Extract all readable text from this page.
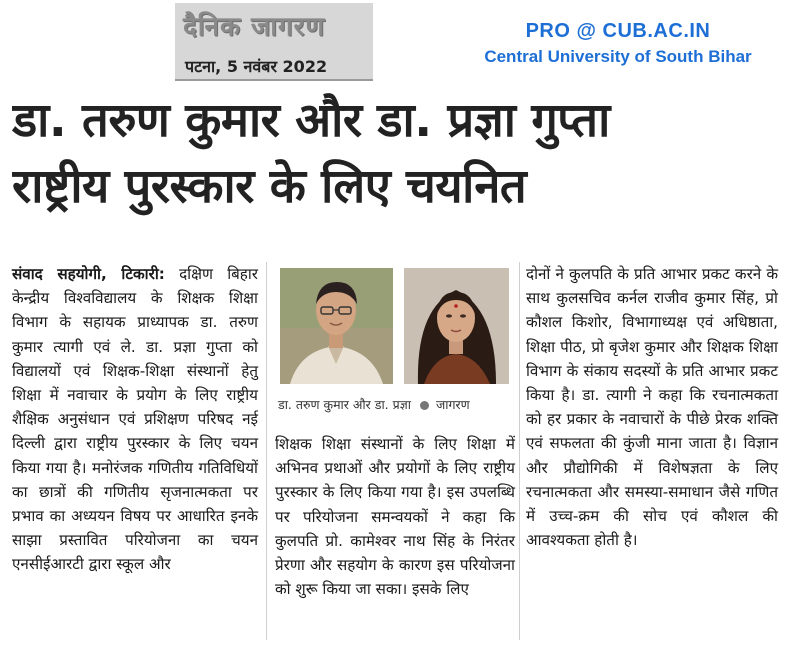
दैनिक जागरण
पटना, 5 नवंबर 2022
PRO @ CUB.AC.IN
Central University of South Bihar
डा. तरुण कुमार और डा. प्रज्ञा गुप्ता
राष्ट्रीय पुरस्कार के लिए चयनित
संवाद सहयोगी, टिकारी: दक्षिण बिहार केन्द्रीय विश्वविद्यालय के शिक्षक शिक्षा विभाग के सहायक प्राध्यापक डा. तरुण कुमार त्यागी एवं ले. डा. प्रज्ञा गुप्ता को विद्यालयों एवं शिक्षक-शिक्षा संस्थानों हेतु शिक्षा में नवाचार के प्रयोग के लिए राष्ट्रीय शैक्षिक अनुसंधान एवं प्रशिक्षण परिषद नई दिल्ली द्वारा राष्ट्रीय पुरस्कार के लिए चयन किया गया है। मनोरंजक गणितीय गतिविधियों का छात्रों की गणितीय सृजनात्मकता पर प्रभाव का अध्ययन विषय पर आधारित इनके साझा प्रस्तावित परियोजना का चयन एनसीईआरटी द्वारा स्कूल और
डा. तरुण कुमार और डा. प्रज्ञा जागरण
शिक्षक शिक्षा संस्थानों के लिए शिक्षा में अभिनव प्रथाओं और प्रयोगों के लिए राष्ट्रीय पुरस्कार के लिए किया गया है। इस उपलब्धि पर परियोजना समन्वयकों ने कहा कि कुलपति प्रो. कामेश्वर नाथ सिंह के निरंतर प्रेरणा और सहयोग के कारण इस परियोजना को शुरू किया जा सका। इसके लिए
दोनों ने कुलपति के प्रति आभार प्रकट करने के साथ कुलसचिव कर्नल राजीव कुमार सिंह, प्रो कौशल किशोर, विभागाध्यक्ष एवं अधिष्ठाता, शिक्षा पीठ, प्रो बृजेश कुमार और शिक्षक शिक्षा विभाग के संकाय सदस्यों के प्रति आभार प्रकट किया है। डा. त्यागी ने कहा कि रचनात्मकता को हर प्रकार के नवाचारों के पीछे प्रेरक शक्ति एवं सफलता की कुंजी माना जाता है। विज्ञान और प्रौद्योगिकी में विशेषज्ञता के लिए रचनात्मकता और समस्या-समाधान जैसे गणित में उच्च-क्रम की सोच एवं कौशल की आवश्यकता होती है।
